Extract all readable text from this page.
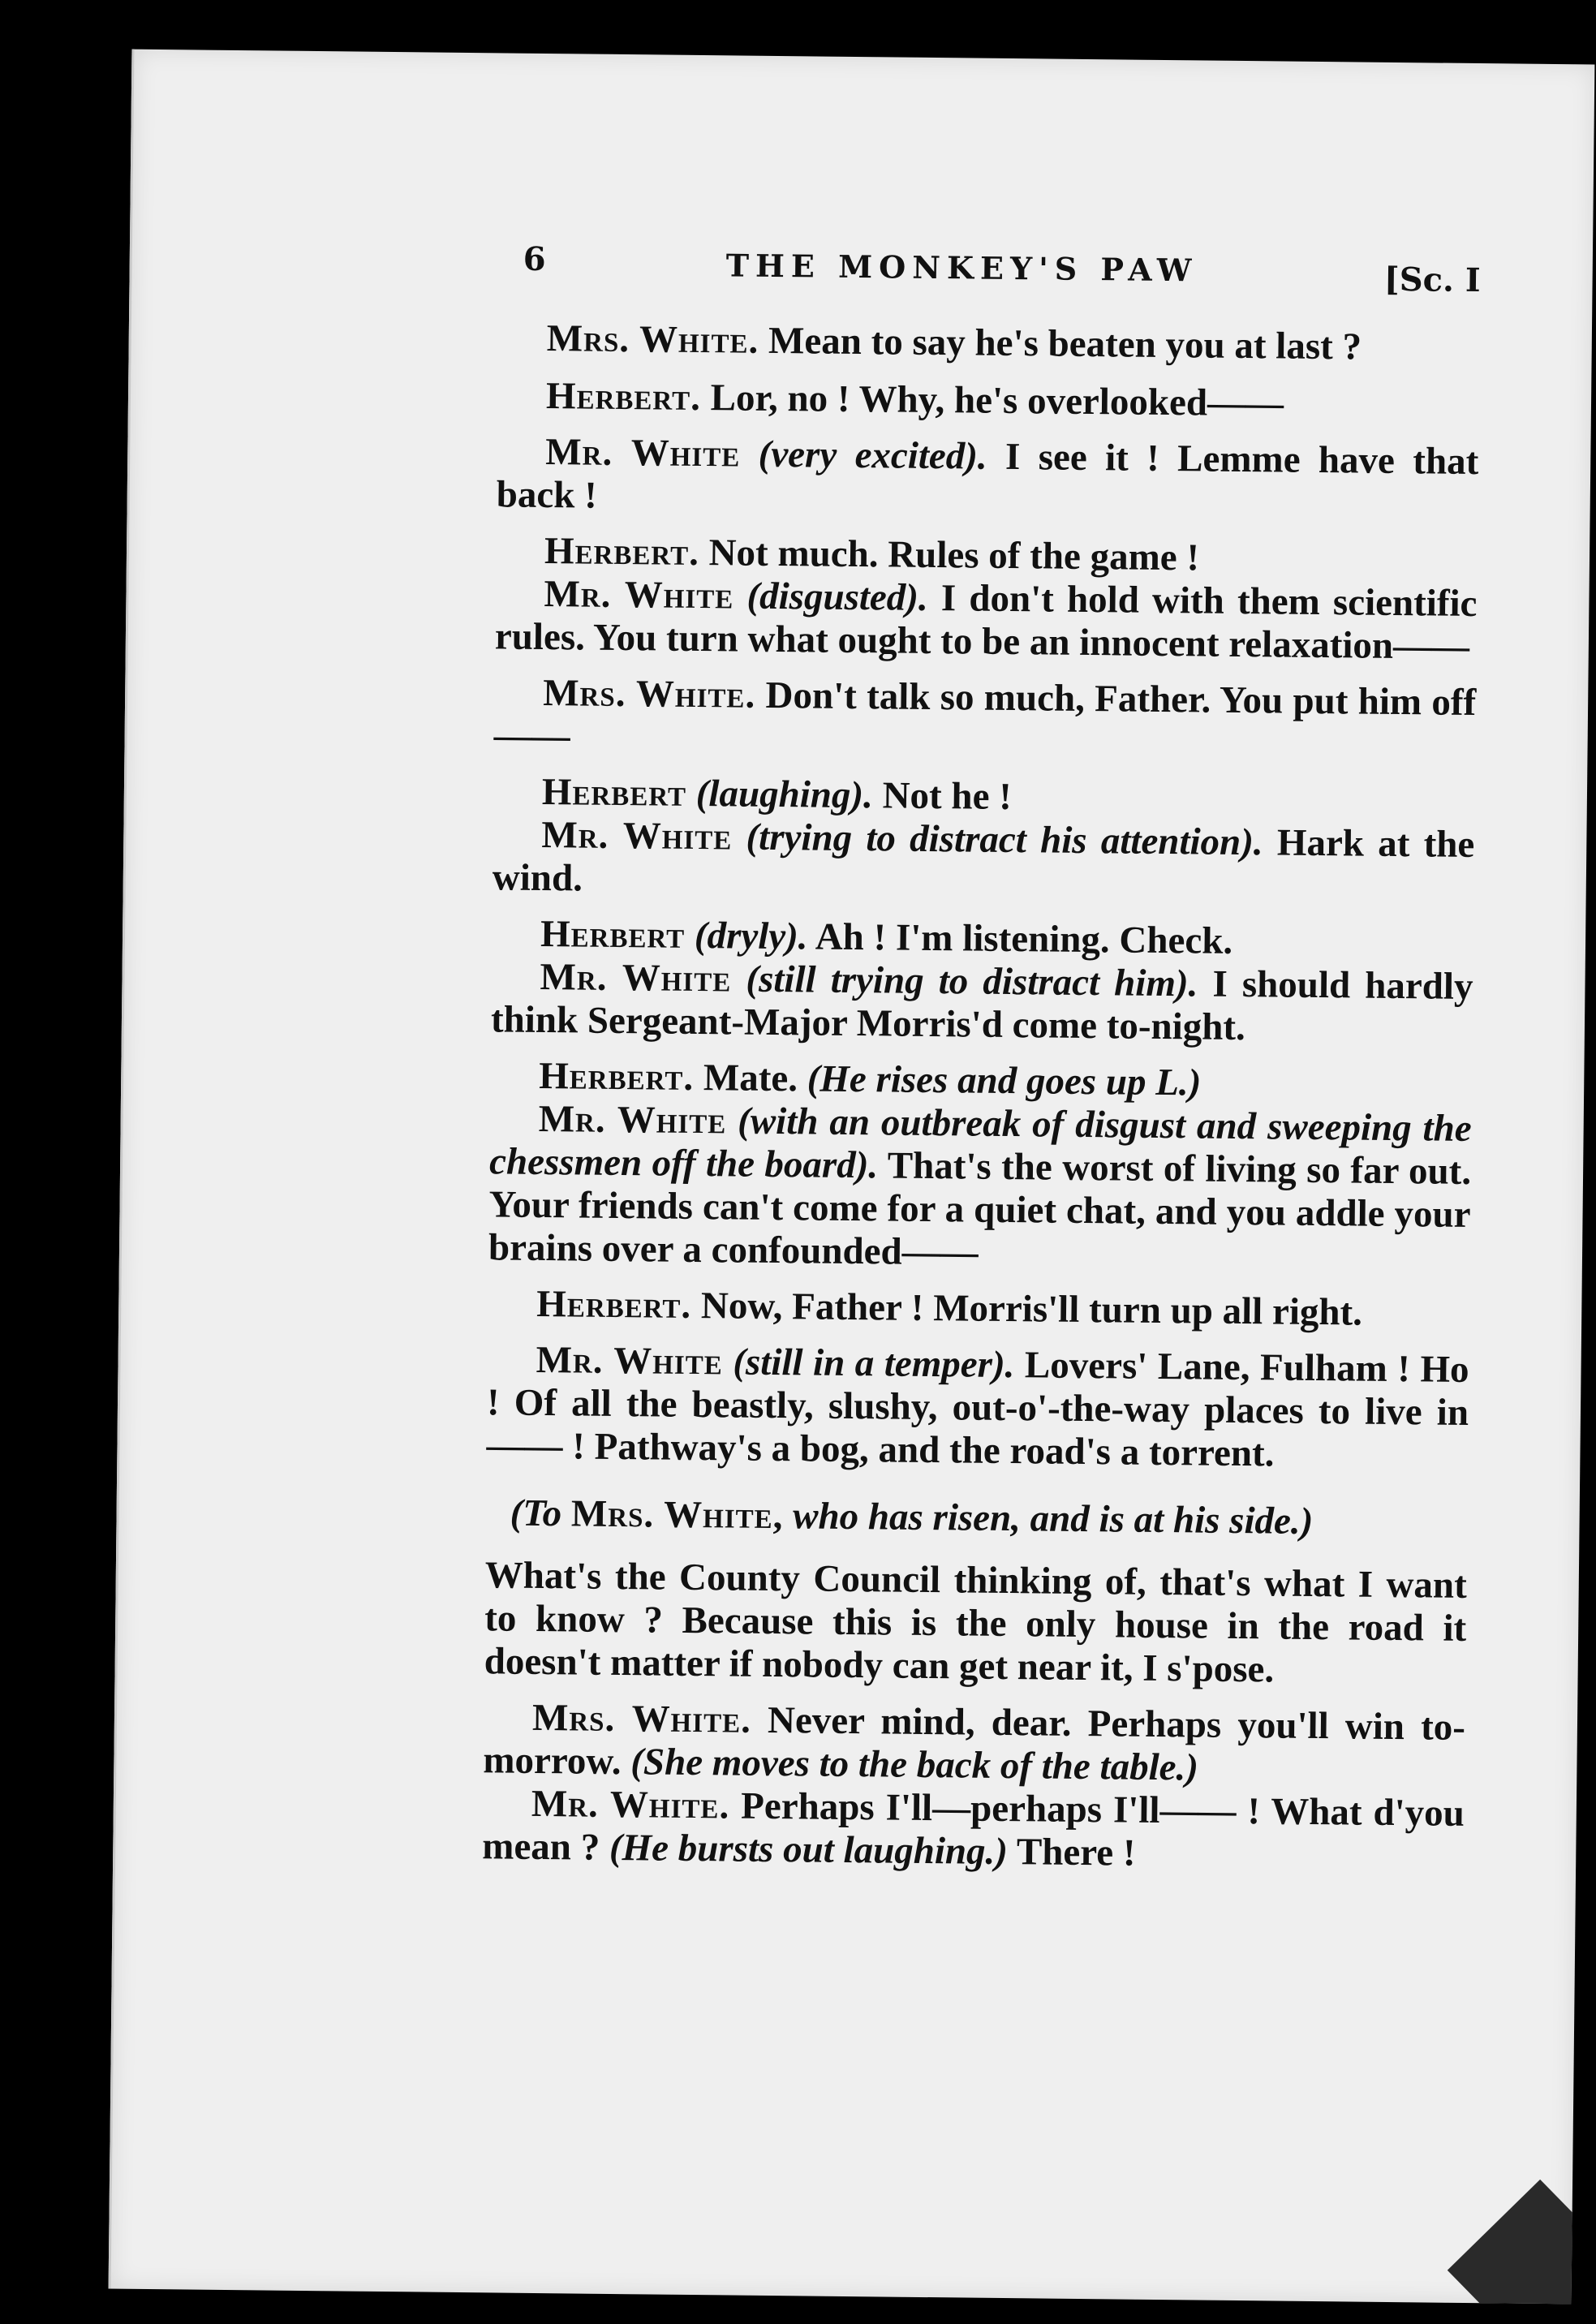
6	THE MONKEY'S PAW	[Sc. I

Mrs. White. Mean to say he's beaten you at last ?

Herbert. Lor, no ! Why, he's overlooked——

Mr. White (very excited). I see it ! Lemme have that back !

Herbert. Not much. Rules of the game !

Mr. White (disgusted). I don't hold with them scientific rules. You turn what ought to be an innocent relaxation——

Mrs. White. Don't talk so much, Father. You put him off——

Herbert (laughing). Not he !

Mr. White (trying to distract his attention). Hark at the wind.

Herbert (dryly). Ah ! I'm listening. Check.

Mr. White (still trying to distract him). I should hardly think Sergeant-Major Morris'd come to-night.

Herbert. Mate. (He rises and goes up L.)

Mr. White (with an outbreak of disgust and sweeping the chessmen off the board). That's the worst of living so far out. Your friends can't come for a quiet chat, and you addle your brains over a confounded——

Herbert. Now, Father ! Morris'll turn up all right.

Mr. White (still in a temper). Lovers' Lane, Fulham ! Ho ! Of all the beastly, slushy, out-o'-the-way places to live in—— ! Pathway's a bog, and the road's a torrent.

(To Mrs. White, who has risen, and is at his side.)

What's the County Council thinking of, that's what I want to know ? Because this is the only house in the road it doesn't matter if nobody can get near it, I s'pose.

Mrs. White. Never mind, dear. Perhaps you'll win to-morrow. (She moves to the back of the table.)

Mr. White. Perhaps I'll—perhaps I'll—— ! What d'you mean ? (He bursts out laughing.) There !
